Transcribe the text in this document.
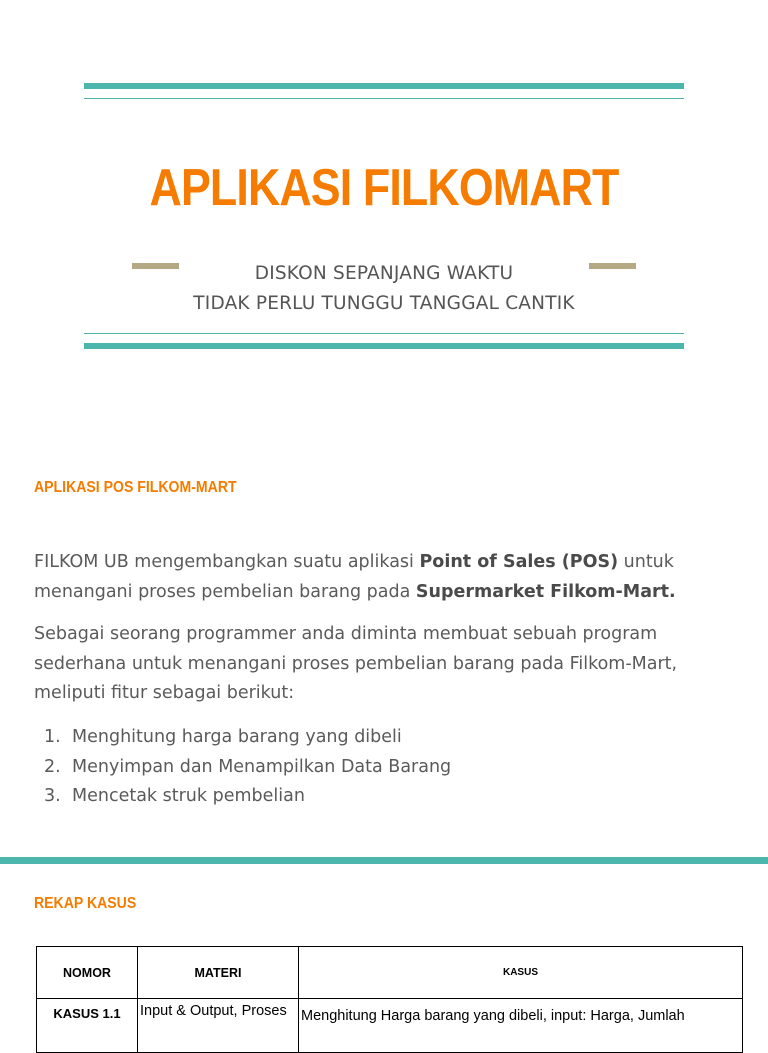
APLIKASI FILKOMART
DISKON SEPANJANG WAKTU
TIDAK PERLU TUNGGU TANGGAL CANTIK
APLIKASI POS FILKOM-MART
FILKOM UB mengembangkan suatu aplikasi Point of Sales (POS) untuk menangani proses pembelian barang pada Supermarket Filkom-Mart.
Sebagai seorang programmer anda diminta membuat sebuah program sederhana untuk menangani proses pembelian barang pada Filkom-Mart, meliputi fitur sebagai berikut:
1. Menghitung harga barang yang dibeli
2. Menyimpan dan Menampilkan Data Barang
3. Mencetak struk pembelian
REKAP KASUS
NOMOR	MATERI	KASUS
KASUS 1.1	Input & Output, Proses	Menghitung Harga barang yang dibeli, input: Harga, Jumlah
